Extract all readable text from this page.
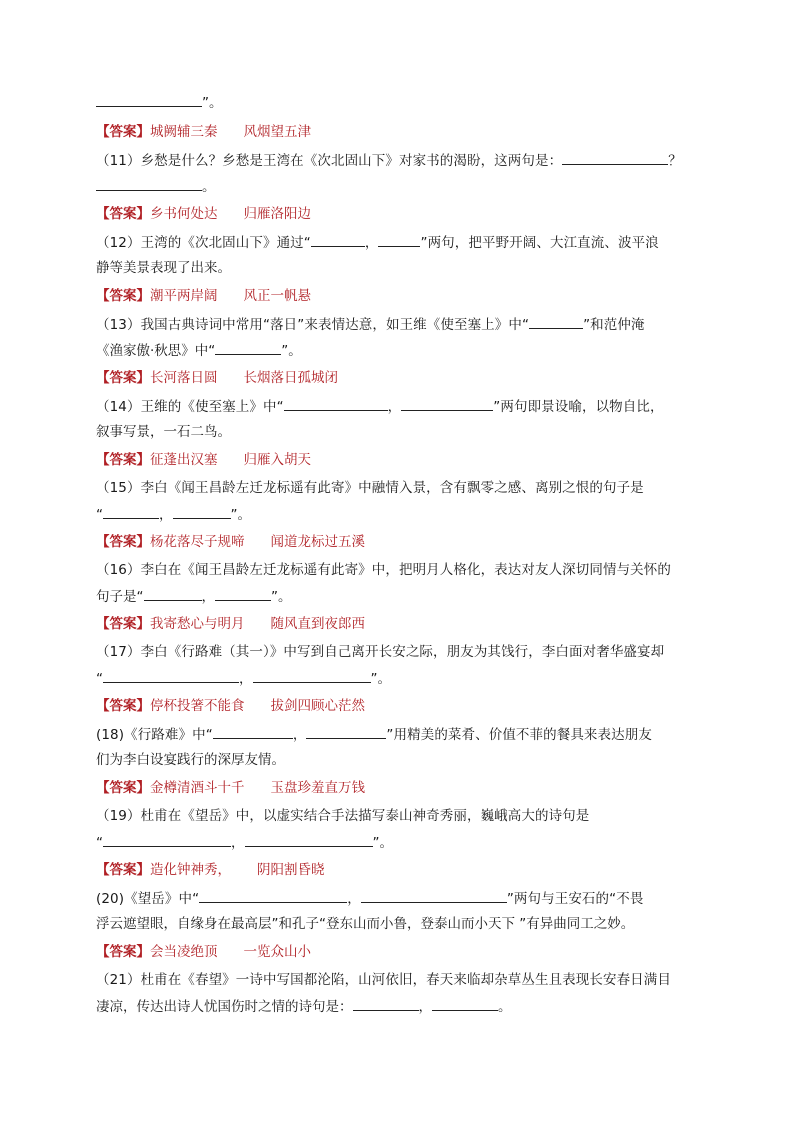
”。

【答案】城阙辅三秦 风烟望五津

（11）乡愁是什么？乡愁是王湾在《次北固山下》对家书的渴盼，这两句是：	？

。

【答案】乡书何处达 归雁洛阳边

（12）王湾的《次北固山下》通过“	，	”两句，把平野开阔、大江直流、波平浪

静等美景表现了出来。

【答案】潮平两岸阔 风正一帆悬

（13）我国古典诗词中常用“落日”来表情达意，如王维《使至塞上》中“	”和范仲淹

《渔家傲·秋思》中“	”。

【答案】长河落日圆 长烟落日孤城闭

（14）王维的《使至塞上》中“	，	”两句即景设喻，以物自比，

叙事写景，一石二鸟。

【答案】征蓬出汉塞 归雁入胡天

（15）李白《闻王昌龄左迁龙标遥有此寄》中融情入景，含有飘零之感、离别之恨的句子是

“	，	”。

【答案】杨花落尽子规啼 闻道龙标过五溪

（16）李白在《闻王昌龄左迁龙标遥有此寄》中，把明月人格化，表达对友人深切同情与关怀的

句子是“	，	”。

【答案】我寄愁心与明月 随风直到夜郎西

（17）李白《行路难（其一）》中写到自己离开长安之际，朋友为其饯行，李白面对奢华盛宴却

“	，	”。

【答案】停杯投箸不能食 拔剑四顾心茫然

(18)《行路难》中“	，	”用精美的菜肴、价值不菲的餐具来表达朋友

们为李白设宴践行的深厚友情。

【答案】金樽清酒斗十千 玉盘珍羞直万钱

（19）杜甫在《望岳》中，以虚实结合手法描写泰山神奇秀丽，巍峨高大的诗句是

“	，	”。

【答案】造化钟神秀， 阴阳割昏晓

(20)《望岳》中“	，	”两句与王安石的“不畏

浮云遮望眼，自缘身在最高层”和孔子“登东山而小鲁，登泰山而小天下 ”有异曲同工之妙。

【答案】会当凌绝顶 一览众山小

（21）杜甫在《春望》一诗中写国都沦陷，山河依旧，春天来临却杂草丛生且表现长安春日满目

凄凉，传达出诗人忧国伤时之情的诗句是：	，	。
